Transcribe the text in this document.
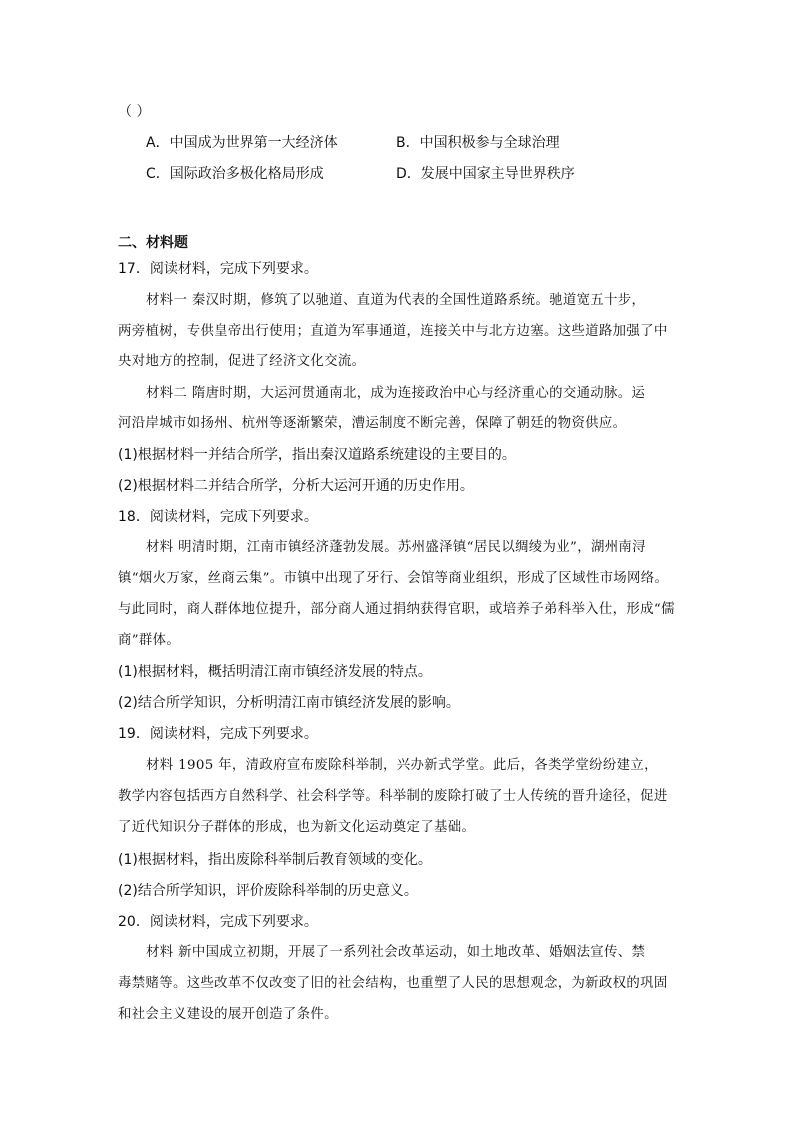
（ ）
A．中国成为世界第一大经济体	B．中国积极参与全球治理
C．国际政治多极化格局形成	D．发展中国家主导世界秩序
二、材料题
17．阅读材料，完成下列要求。
材料一 秦汉时期，修筑了以驰道、直道为代表的全国性道路系统。驰道宽五十步，
两旁植树，专供皇帝出行使用；直道为军事通道，连接关中与北方边塞。这些道路加强了中
央对地方的控制，促进了经济文化交流。
材料二 隋唐时期，大运河贯通南北，成为连接政治中心与经济重心的交通动脉。运
河沿岸城市如扬州、杭州等逐渐繁荣，漕运制度不断完善，保障了朝廷的物资供应。
(1)根据材料一并结合所学，指出秦汉道路系统建设的主要目的。
(2)根据材料二并结合所学，分析大运河开通的历史作用。
18．阅读材料，完成下列要求。
材料 明清时期，江南市镇经济蓬勃发展。苏州盛泽镇“居民以绸绫为业”，湖州南浔
镇“烟火万家，丝商云集”。市镇中出现了牙行、会馆等商业组织，形成了区域性市场网络。
与此同时，商人群体地位提升，部分商人通过捐纳获得官职，或培养子弟科举入仕，形成“儒
商”群体。
(1)根据材料，概括明清江南市镇经济发展的特点。
(2)结合所学知识，分析明清江南市镇经济发展的影响。
19．阅读材料，完成下列要求。
材料 1905 年，清政府宣布废除科举制，兴办新式学堂。此后，各类学堂纷纷建立，
教学内容包括西方自然科学、社会科学等。科举制的废除打破了士人传统的晋升途径，促进
了近代知识分子群体的形成，也为新文化运动奠定了基础。
(1)根据材料，指出废除科举制后教育领域的变化。
(2)结合所学知识，评价废除科举制的历史意义。
20．阅读材料，完成下列要求。
材料 新中国成立初期，开展了一系列社会改革运动，如土地改革、婚姻法宣传、禁
毒禁赌等。这些改革不仅改变了旧的社会结构，也重塑了人民的思想观念，为新政权的巩固
和社会主义建设的展开创造了条件。
